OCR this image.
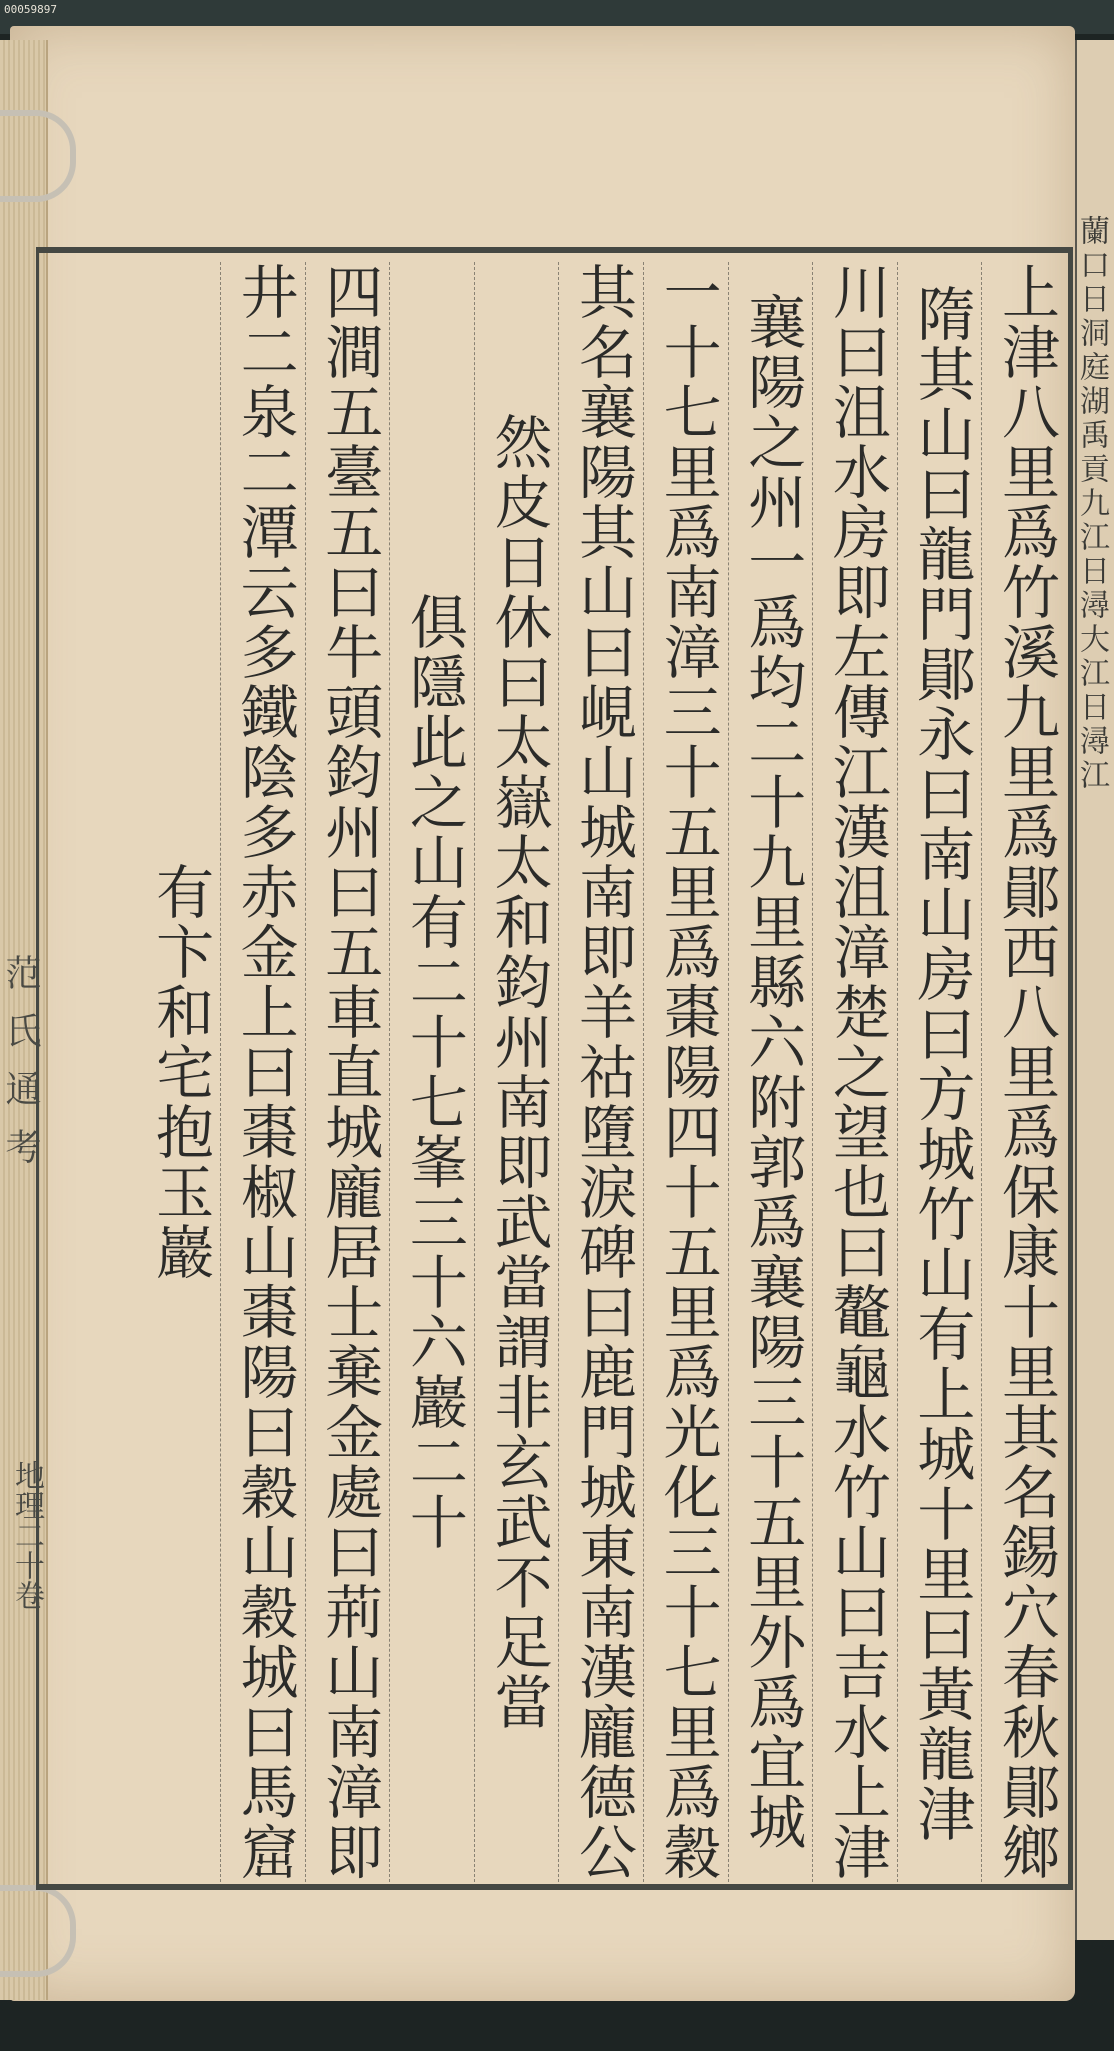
00059897
范氏通考
地理二十卷
蘭口日洞庭湖禹貢九江日潯大江日潯江
上津八里爲竹溪九里爲鄖西八里爲保康十里其名錫穴春秋鄖鄉
隋其山曰龍門鄖永曰南山房曰方城竹山有上城十里曰黃龍津
川曰沮水房即左傳江漢沮漳楚之望也曰鼇龜水竹山曰吉水上津
襄陽之州一爲均二十九里縣六附郭爲襄陽三十五里外爲宜城
一十七里爲南漳三十五里爲棗陽四十五里爲光化三十七里爲穀
其名襄陽其山曰峴山城南即羊祜墮淚碑曰鹿門城東南漢龐德公
然皮日休曰太嶽太和鈞州南即武當謂非玄武不足當
俱隱此之山有二十七峯三十六巖二十
四澗五臺五曰牛頭鈞州曰五車直城龐居士棄金處曰荊山南漳即
井二泉二潭云多鐵陰多赤金上曰棗椒山棗陽曰穀山穀城曰馬窟
有卞和宅抱玉巖
